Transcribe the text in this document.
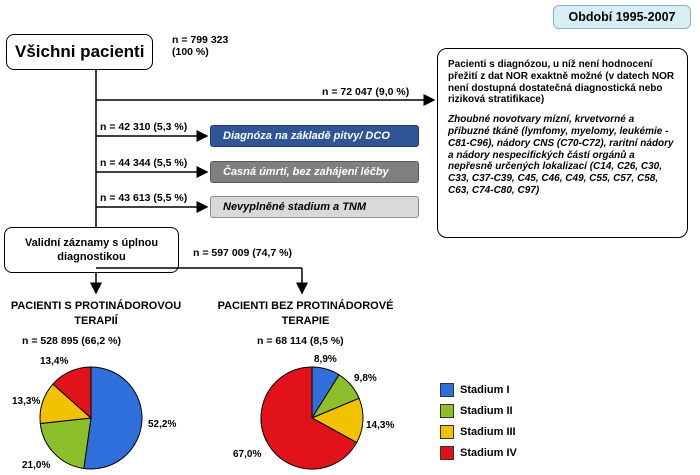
Období 1995-2007
Všichni pacienti
n = 799 323
(100 %)
n = 72 047 (9,0 %)

Pacienti s diagnózou, u níž není hodnocení přežití z dat NOR exaktně možné (v datech NOR není dostupná dostatečná diagnostická nebo riziková stratifikace)

Zhoubné novotvary mízní, krvetvorné a příbuzné tkáně (lymfomy, myelomy, leukémie - C81-C96), nádory CNS (C70-C72), raritní nádory a nádory nespecifických částí orgánů a nepřesně určených lokalizací (C14, C26, C30, C33, C37-C39, C45, C46, C49, C55, C57, C58, C63, C74-C80, C97)

n = 42 310 (5,3 %)
Diagnóza na základě pitvy/ DCO
n = 44 344 (5,5 %)
Časná úmrtí, bez zahájení léčby
n = 43 613 (5,5 %)
Nevyplněné stadium a TNM
Validní záznamy s úplnou diagnostikou	n = 597 009 (74,7 %)
PACIENTI S PROTINÁDOROVOU
TERAPIÍ
n = 528 895 (66,2 %)
PACIENTI BEZ PROTINÁDOROVÉ
TERAPIE
n = 68 114 (8,5 %)
13,4%
13,3%
21,0%
52,2%
8,9%
9,8%
14,3%
67,0%
Stadium I
Stadium II
Stadium III
Stadium IV
